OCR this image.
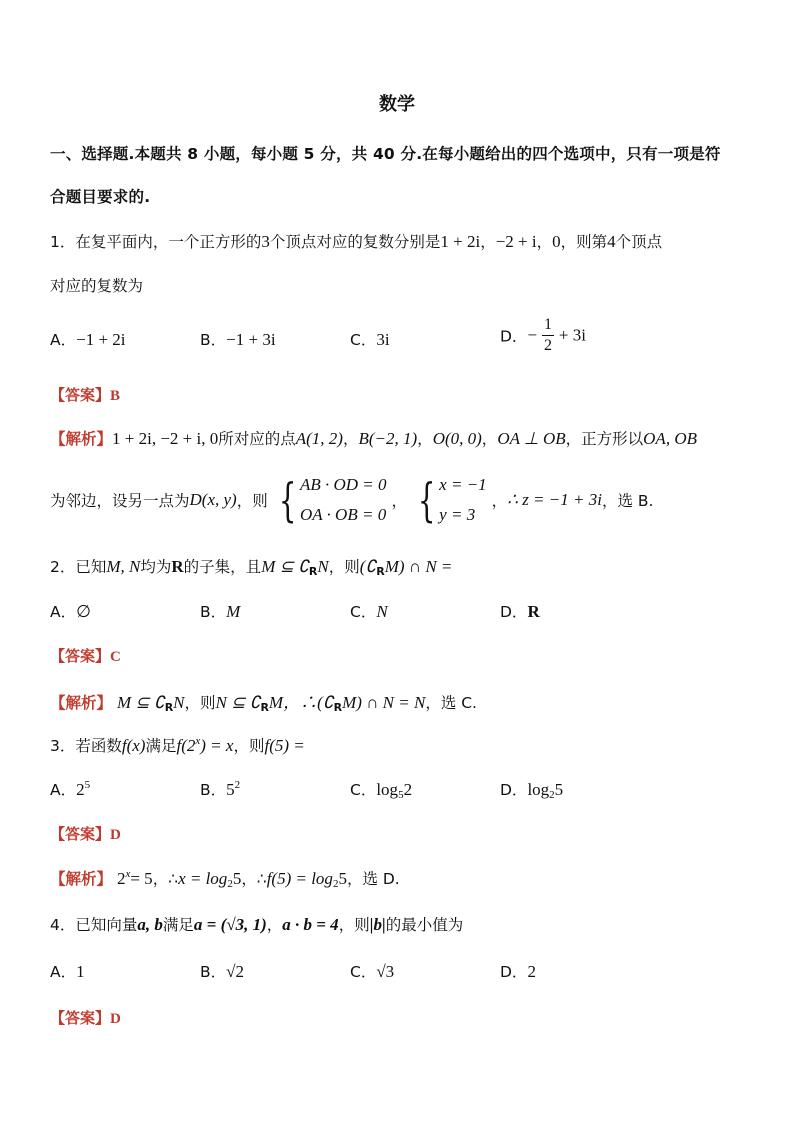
数学
一、选择题.本题共 8 小题，每小题 5 分，共 40 分.在每小题给出的四个选项中，只有一项是符
合题目要求的.
1．在复平面内，一个正方形的3个顶点对应的复数分别是1 + 2i，−2 + i，0，则第4个顶点
对应的复数为
A．−1 + 2i	B．−1 + 3i	C．3i	D．− $\frac{1}{2} + 3i$
【答案】B
【解析】1 + 2i, −2 + i, 0所对应的点A(1, 2)，B(−2, 1)，O(0, 0)，OA ⊥ OB，正方形以OA, OB
为邻边，设另一点为D(x, y)，则 { AB · OD = 0
OA · OB = 0
， { x = −1
y = 3
，∴ z = −1 + 3i，选 B.
2．已知M, N均为R的子集，且M ⊆ $∁_RN$，则$(∁_RM)$ ∩ N =
A．∅	B．M	C．N	D．R
【答案】C
【解析】 M ⊆ $∁_RN$，则N ⊆ $∁_RM$，$\therefore(∁_RM)$ ∩ N = N，选 C.
3．若函数f(x)满足$f(2^x) = x$，则f(5) =
A．$2^5$	B．$5^2$	C．$\log_52$	D．$\log_25$
【答案】D
【解析】 $2^x= 5$，∴x = $\log_25$，∴f(5) = $\log_25$，选 D.
4．已知向量a, b满足a = (√3, 1)，a · b = 4，则|b|的最小值为
A．1	B．√2	C．√3	D．2
【答案】D
